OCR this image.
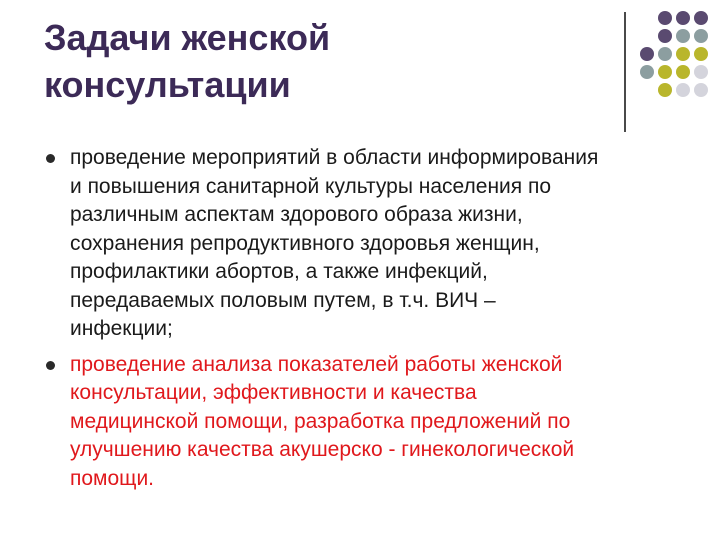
Задачи женской
консультации
проведение мероприятий в области информирования
и повышения санитарной культуры населения по
различным аспектам здорового образа жизни,
сохранения репродуктивного здоровья женщин,
профилактики абортов, а также инфекций,
передаваемых половым путем, в т.ч. ВИЧ –
инфекции;
проведение анализа показателей работы женской
консультации, эффективности и качества
медицинской помощи, разработка предложений по
улучшению качества акушерско - гинекологической
помощи.
